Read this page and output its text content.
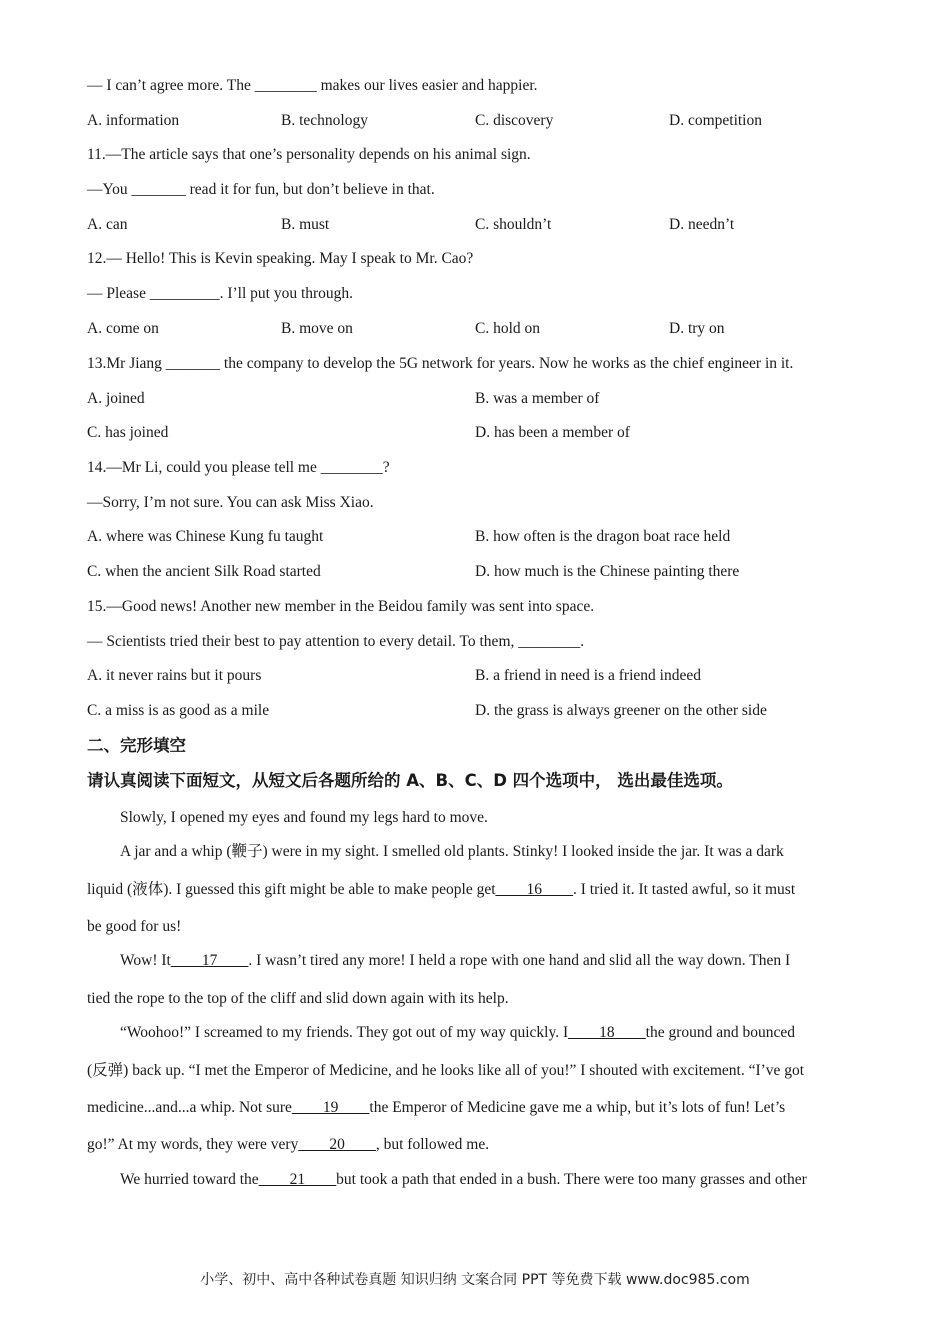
— I can’t agree more. The ________ makes our lives easier and happier.
A. information	B. technology	C. discovery	D. competition
11.—The article says that one’s personality depends on his animal sign.
—You _______ read it for fun, but don’t believe in that.
A. can	B. must	C. shouldn’t	D. needn’t
12.— Hello! This is Kevin speaking. May I speak to Mr. Cao?
— Please _________. I’ll put you through.
A. come on	B. move on	C. hold on	D. try on
13.Mr Jiang _______ the company to develop the 5G network for years. Now he works as the chief engineer in it.
A. joined	B. was a member of
C. has joined	D. has been a member of
14.—Mr Li, could you please tell me ________?
—Sorry, I’m not sure. You can ask Miss Xiao.
A. where was Chinese Kung fu taught	B. how often is the dragon boat race held
C. when the ancient Silk Road started	D. how much is the Chinese painting there
15.—Good news! Another new member in the Beidou family was sent into space.
— Scientists tried their best to pay attention to every detail. To them, ________.
A. it never rains but it pours	B. a friend in need is a friend indeed
C. a miss is as good as a mile	D. the grass is always greener on the other side
二、完形填空
请认真阅读下面短文，从短文后各题所给的 A、B、C、D 四个选项中， 选出最佳选项。
Slowly, I opened my eyes and found my legs hard to move.
A jar and a whip (鞭子) were in my sight. I smelled old plants. Stinky! I looked inside the jar. It was a dark
liquid (液体). I guessed this gift might be able to make people get____16____. I tried it. It tasted awful, so it must
be good for us!
Wow! It____17____. I wasn’t tired any more! I held a rope with one hand and slid all the way down. Then I
tied the rope to the top of the cliff and slid down again with its help.
“Woohoo!” I screamed to my friends. They got out of my way quickly. I____18____the ground and bounced
(反弹) back up. “I met the Emperor of Medicine, and he looks like all of you!” I shouted with excitement. “I’ve got
medicine...and...a whip. Not sure____19____the Emperor of Medicine gave me a whip, but it’s lots of fun! Let’s
go!” At my words, they were very____20____, but followed me.
We hurried toward the____21____but took a path that ended in a bush. There were too many grasses and other
小学、初中、高中各种试卷真题 知识归纳 文案合同 PPT 等免费下载 www.doc985.com
